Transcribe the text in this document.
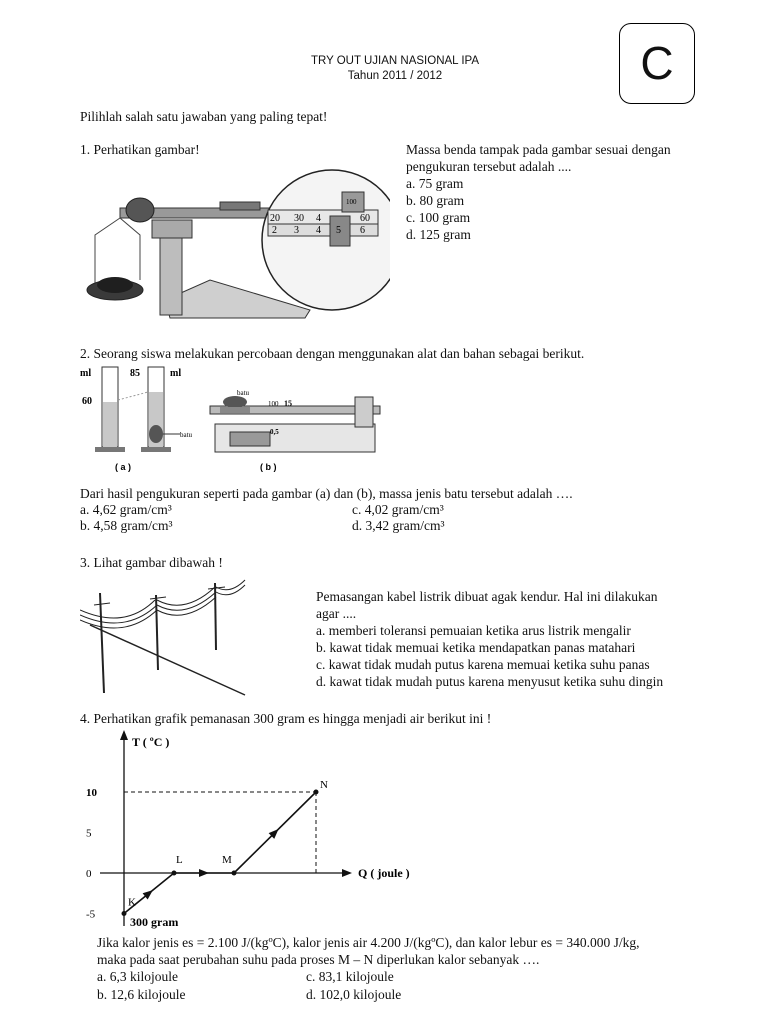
TRY OUT UJIAN NASIONAL IPA
Tahun 2011 / 2012	C
Pilihlah salah satu jawaban yang paling tepat!
1. Perhatikan gambar!	Massa benda tampak pada gambar sesuai dengan
pengukuran tersebut adalah ....
a. 75 gram
b. 80 gram
c. 100 gram
d. 125 gram
100
20 30 4	60
2 3 4 5 6
2. Seorang siswa melakukan percobaan dengan menggunakan alat dan bahan sebagai berikut.
ml	ml
85
60
batu
( a )
batu
100 15
0,5
( b )
Dari hasil pengukuran seperti pada gambar (a) dan (b), massa jenis batu tersebut adalah ….
a. 4,62 gram/cm³
b. 4,58 gram/cm³
c. 4,02 gram/cm³
d. 3,42 gram/cm³
3. Lihat gambar dibawah !
Pemasangan kabel listrik dibuat agak kendur. Hal ini dilakukan
agar ....
a. memberi toleransi pemuaian ketika arus listrik mengalir
b. kawat tidak memuai ketika mendapatkan panas matahari
c. kawat tidak mudah putus karena memuai ketika suhu panas
d. kawat tidak mudah putus karena menyusut ketika suhu dingin
4. Perhatikan grafik pemanasan 300 gram es hingga menjadi air berikut ini !
T ( ºC )
Q ( joule )
300 gram
10
5
0
-5
K
L	M
N
Jika kalor jenis es = 2.100 J/(kgºC), kalor jenis air 4.200 J/(kgºC), dan kalor lebur es = 340.000 J/kg,
maka pada saat perubahan suhu pada proses M – N diperlukan kalor sebanyak ….
a. 6,3 kilojoule
b. 12,6 kilojoule
c. 83,1 kilojoule
d. 102,0 kilojoule
